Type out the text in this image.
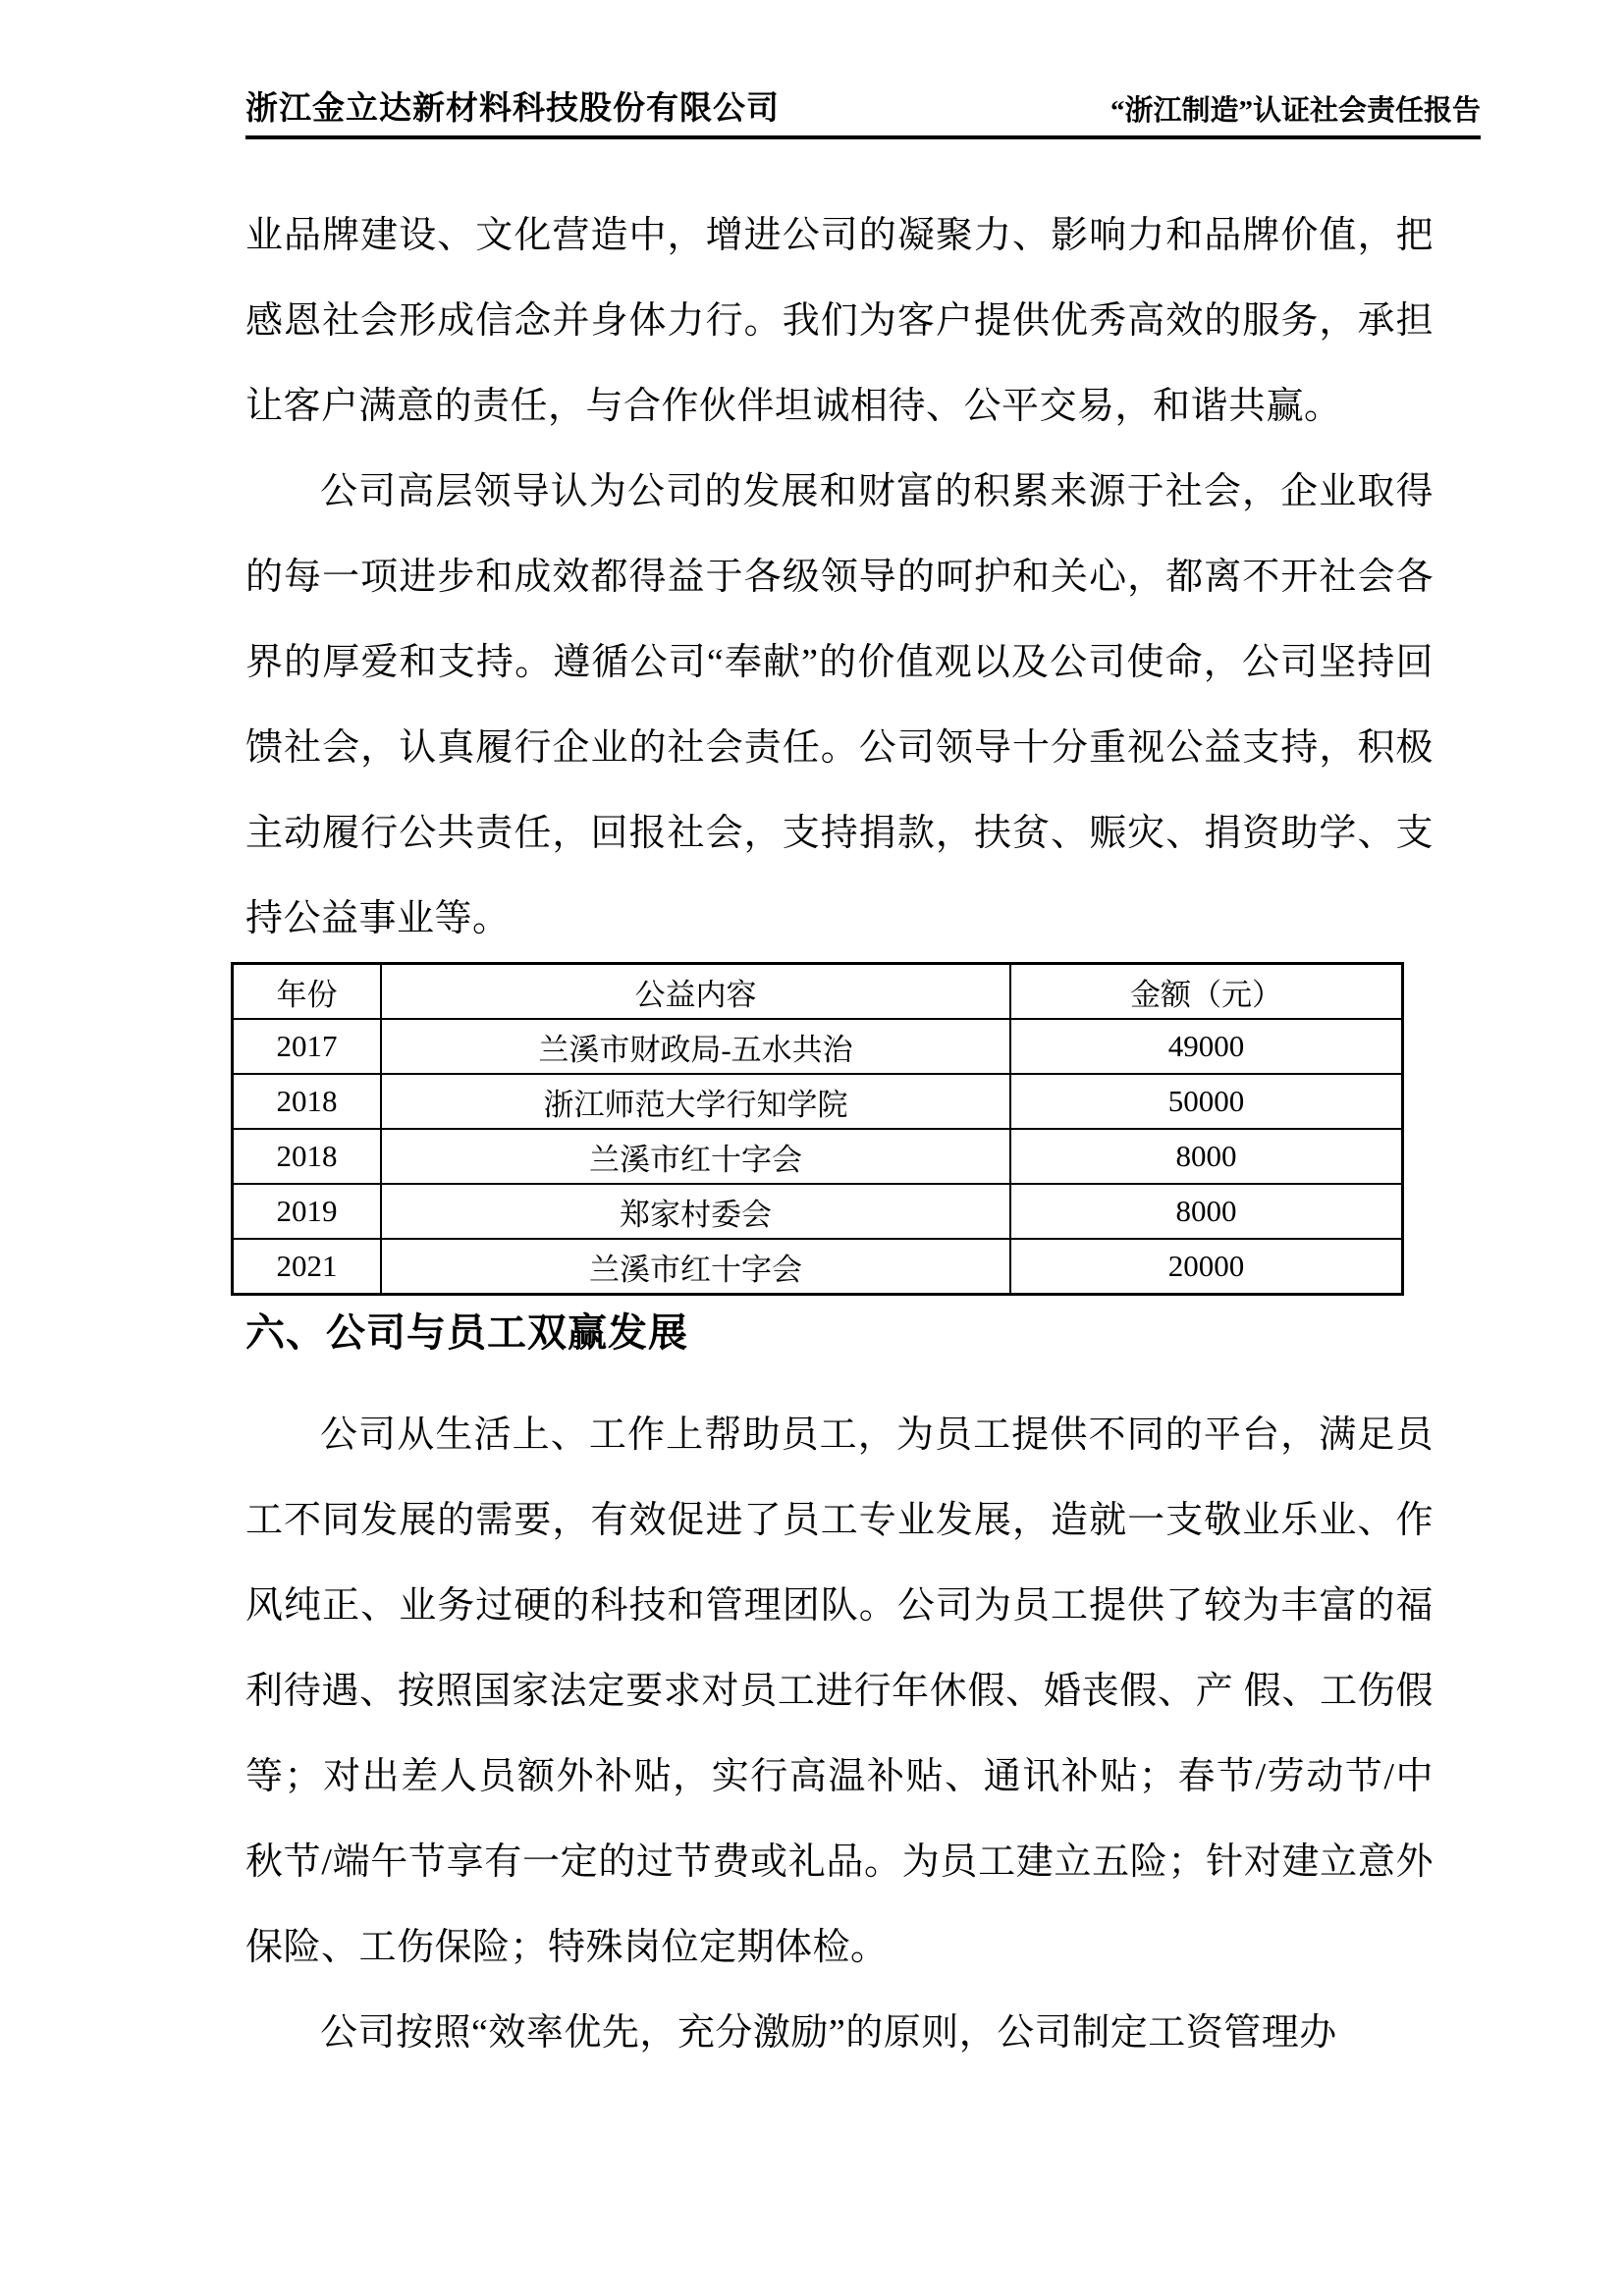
浙江金立达新材料科技股份有限公司	“浙江制造”认证社会责任报告

业品牌建设、文化营造中，增进公司的凝聚力、影响力和品牌价值，把感恩社会形成信念并身体力行。我们为客户提供优秀高效的服务，承担让客户满意的责任，与合作伙伴坦诚相待、公平交易，和谐共赢。

公司高层领导认为公司的发展和财富的积累来源于社会，企业取得的每一项进步和成效都得益于各级领导的呵护和关心，都离不开社会各界的厚爱和支持。遵循公司“奉献”的价值观以及公司使命，公司坚持回馈社会，认真履行企业的社会责任。公司领导十分重视公益支持，积极主动履行公共责任，回报社会，支持捐款，扶贫、赈灾、捐资助学、支持公益事业等。

年份	公益内容	金额（元）
2017	兰溪市财政局-五水共治	49000
2018	浙江师范大学行知学院	50000
2018	兰溪市红十字会	8000
2019	郑家村委会	8000
2021	兰溪市红十字会	20000
六、公司与员工双赢发展

公司从生活上、工作上帮助员工，为员工提供不同的平台，满足员工不同发展的需要，有效促进了员工专业发展，造就一支敬业乐业、作风纯正、业务过硬的科技和管理团队。公司为员工提供了较为丰富的福利待遇、按照国家法定要求对员工进行年休假、婚丧假、产 假、工伤假等；对出差人员额外补贴，实行高温补贴、通讯补贴；春节/劳动节/中秋节/端午节享有一定的过节费或礼品。为员工建立五险；针对建立意外保险、工伤保险；特殊岗位定期体检。

公司按照“效率优先，充分激励”的原则，公司制定工资管理办
